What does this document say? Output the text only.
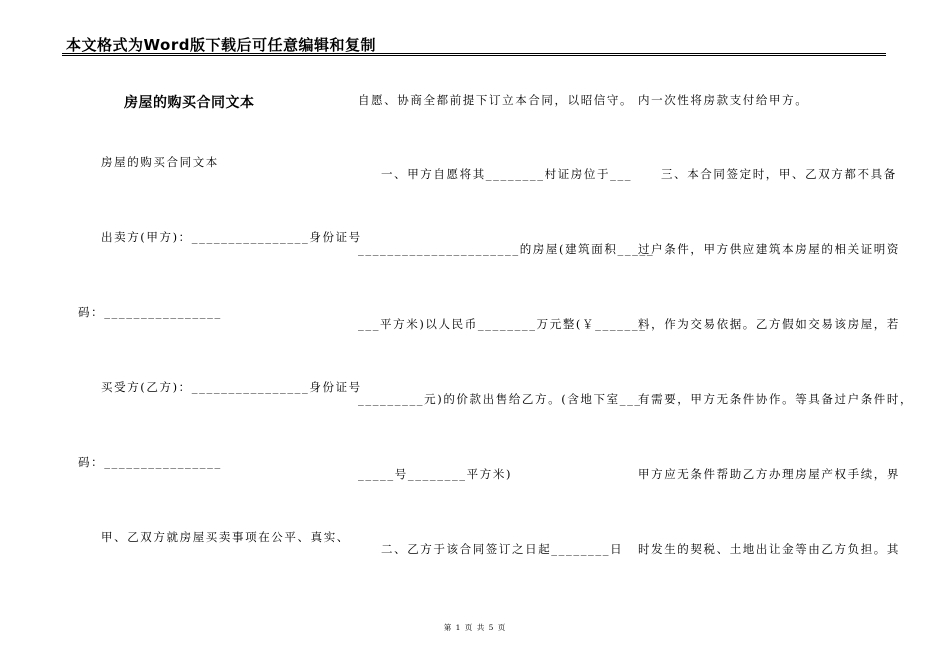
本文格式为Word版下载后可任意编辑和复制
房屋的购买合同文本
房屋的购买合同文本
出卖方(甲方)：________________身份证号
码：________________
买受方(乙方)：________________身份证号
码：________________
甲、乙双方就房屋买卖事项在公平、真实、
自愿、协商全都前提下订立本合同，以昭信守。
一、甲方自愿将其________村证房位于___
______________________的房屋(建筑面积_____
___平方米)以人民币________万元整(￥_______
_________元)的价款出售给乙方。(含地下室___
_____号________平方米)
二、乙方于该合同签订之日起________日
内一次性将房款支付给甲方。
三、本合同签定时，甲、乙双方都不具备
过户条件，甲方供应建筑本房屋的相关证明资
料，作为交易依据。乙方假如交易该房屋，若
有需要，甲方无条件协作。等具备过户条件时，
甲方应无条件帮助乙方办理房屋产权手续，界
时发生的契税、土地出让金等由乙方负担。其
第 1 页 共 5 页
